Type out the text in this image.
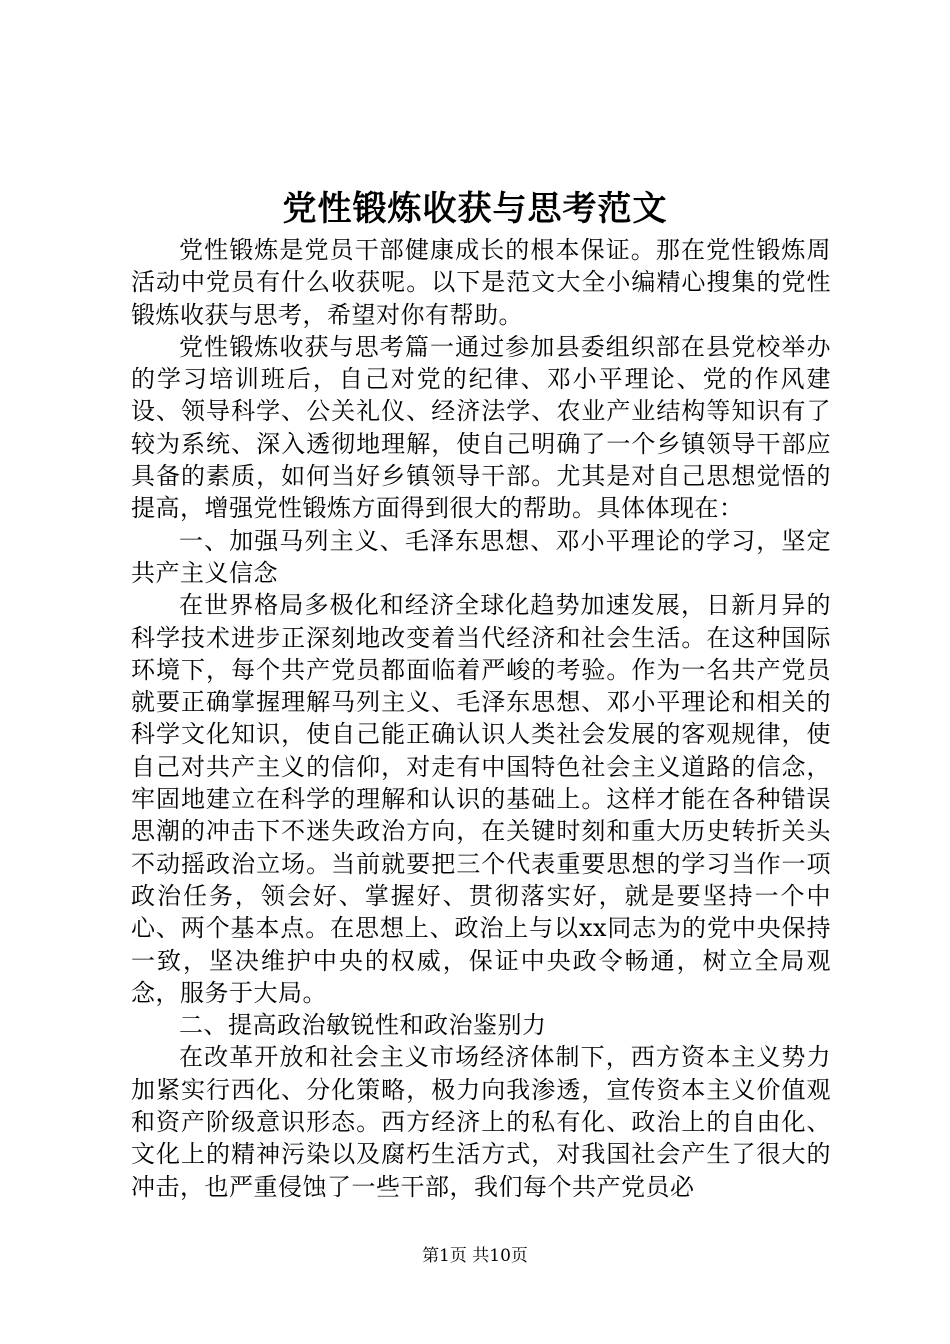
党性锻炼收获与思考范文

党性锻炼是党员干部健康成长的根本保证。那在党性锻炼周活动中党员有什么收获呢。以下是范文大全小编精心搜集的党性锻炼收获与思考，希望对你有帮助。

党性锻炼收获与思考篇一通过参加县委组织部在县党校举办的学习培训班后，自己对党的纪律、邓小平理论、党的作风建设、领导科学、公关礼仪、经济法学、农业产业结构等知识有了较为系统、深入透彻地理解，使自己明确了一个乡镇领导干部应具备的素质，如何当好乡镇领导干部。尤其是对自己思想觉悟的提高，增强党性锻炼方面得到很大的帮助。具体体现在：

一、加强马列主义、毛泽东思想、邓小平理论的学习，坚定共产主义信念

在世界格局多极化和经济全球化趋势加速发展，日新月异的科学技术进步正深刻地改变着当代经济和社会生活。在这种国际环境下，每个共产党员都面临着严峻的考验。作为一名共产党员就要正确掌握理解马列主义、毛泽东思想、邓小平理论和相关的科学文化知识，使自己能正确认识人类社会发展的客观规律，使自己对共产主义的信仰，对走有中国特色社会主义道路的信念，牢固地建立在科学的理解和认识的基础上。这样才能在各种错误思潮的冲击下不迷失政治方向，在关键时刻和重大历史转折关头不动摇政治立场。当前就要把三个代表重要思想的学习当作一项政治任务，领会好、掌握好、贯彻落实好，就是要坚持一个中心、两个基本点。在思想上、政治上与以xx同志为的党中央保持一致，坚决维护中央的权威，保证中央政令畅通，树立全局观念，服务于大局。

二、提高政治敏锐性和政治鉴别力

在改革开放和社会主义市场经济体制下，西方资本主义势力加紧实行西化、分化策略，极力向我渗透，宣传资本主义价值观和资产阶级意识形态。西方经济上的私有化、政治上的自由化、文化上的精神污染以及腐朽生活方式，对我国社会产生了很大的冲击，也严重侵蚀了一些干部，我们每个共产党员必

第1页 共10页
